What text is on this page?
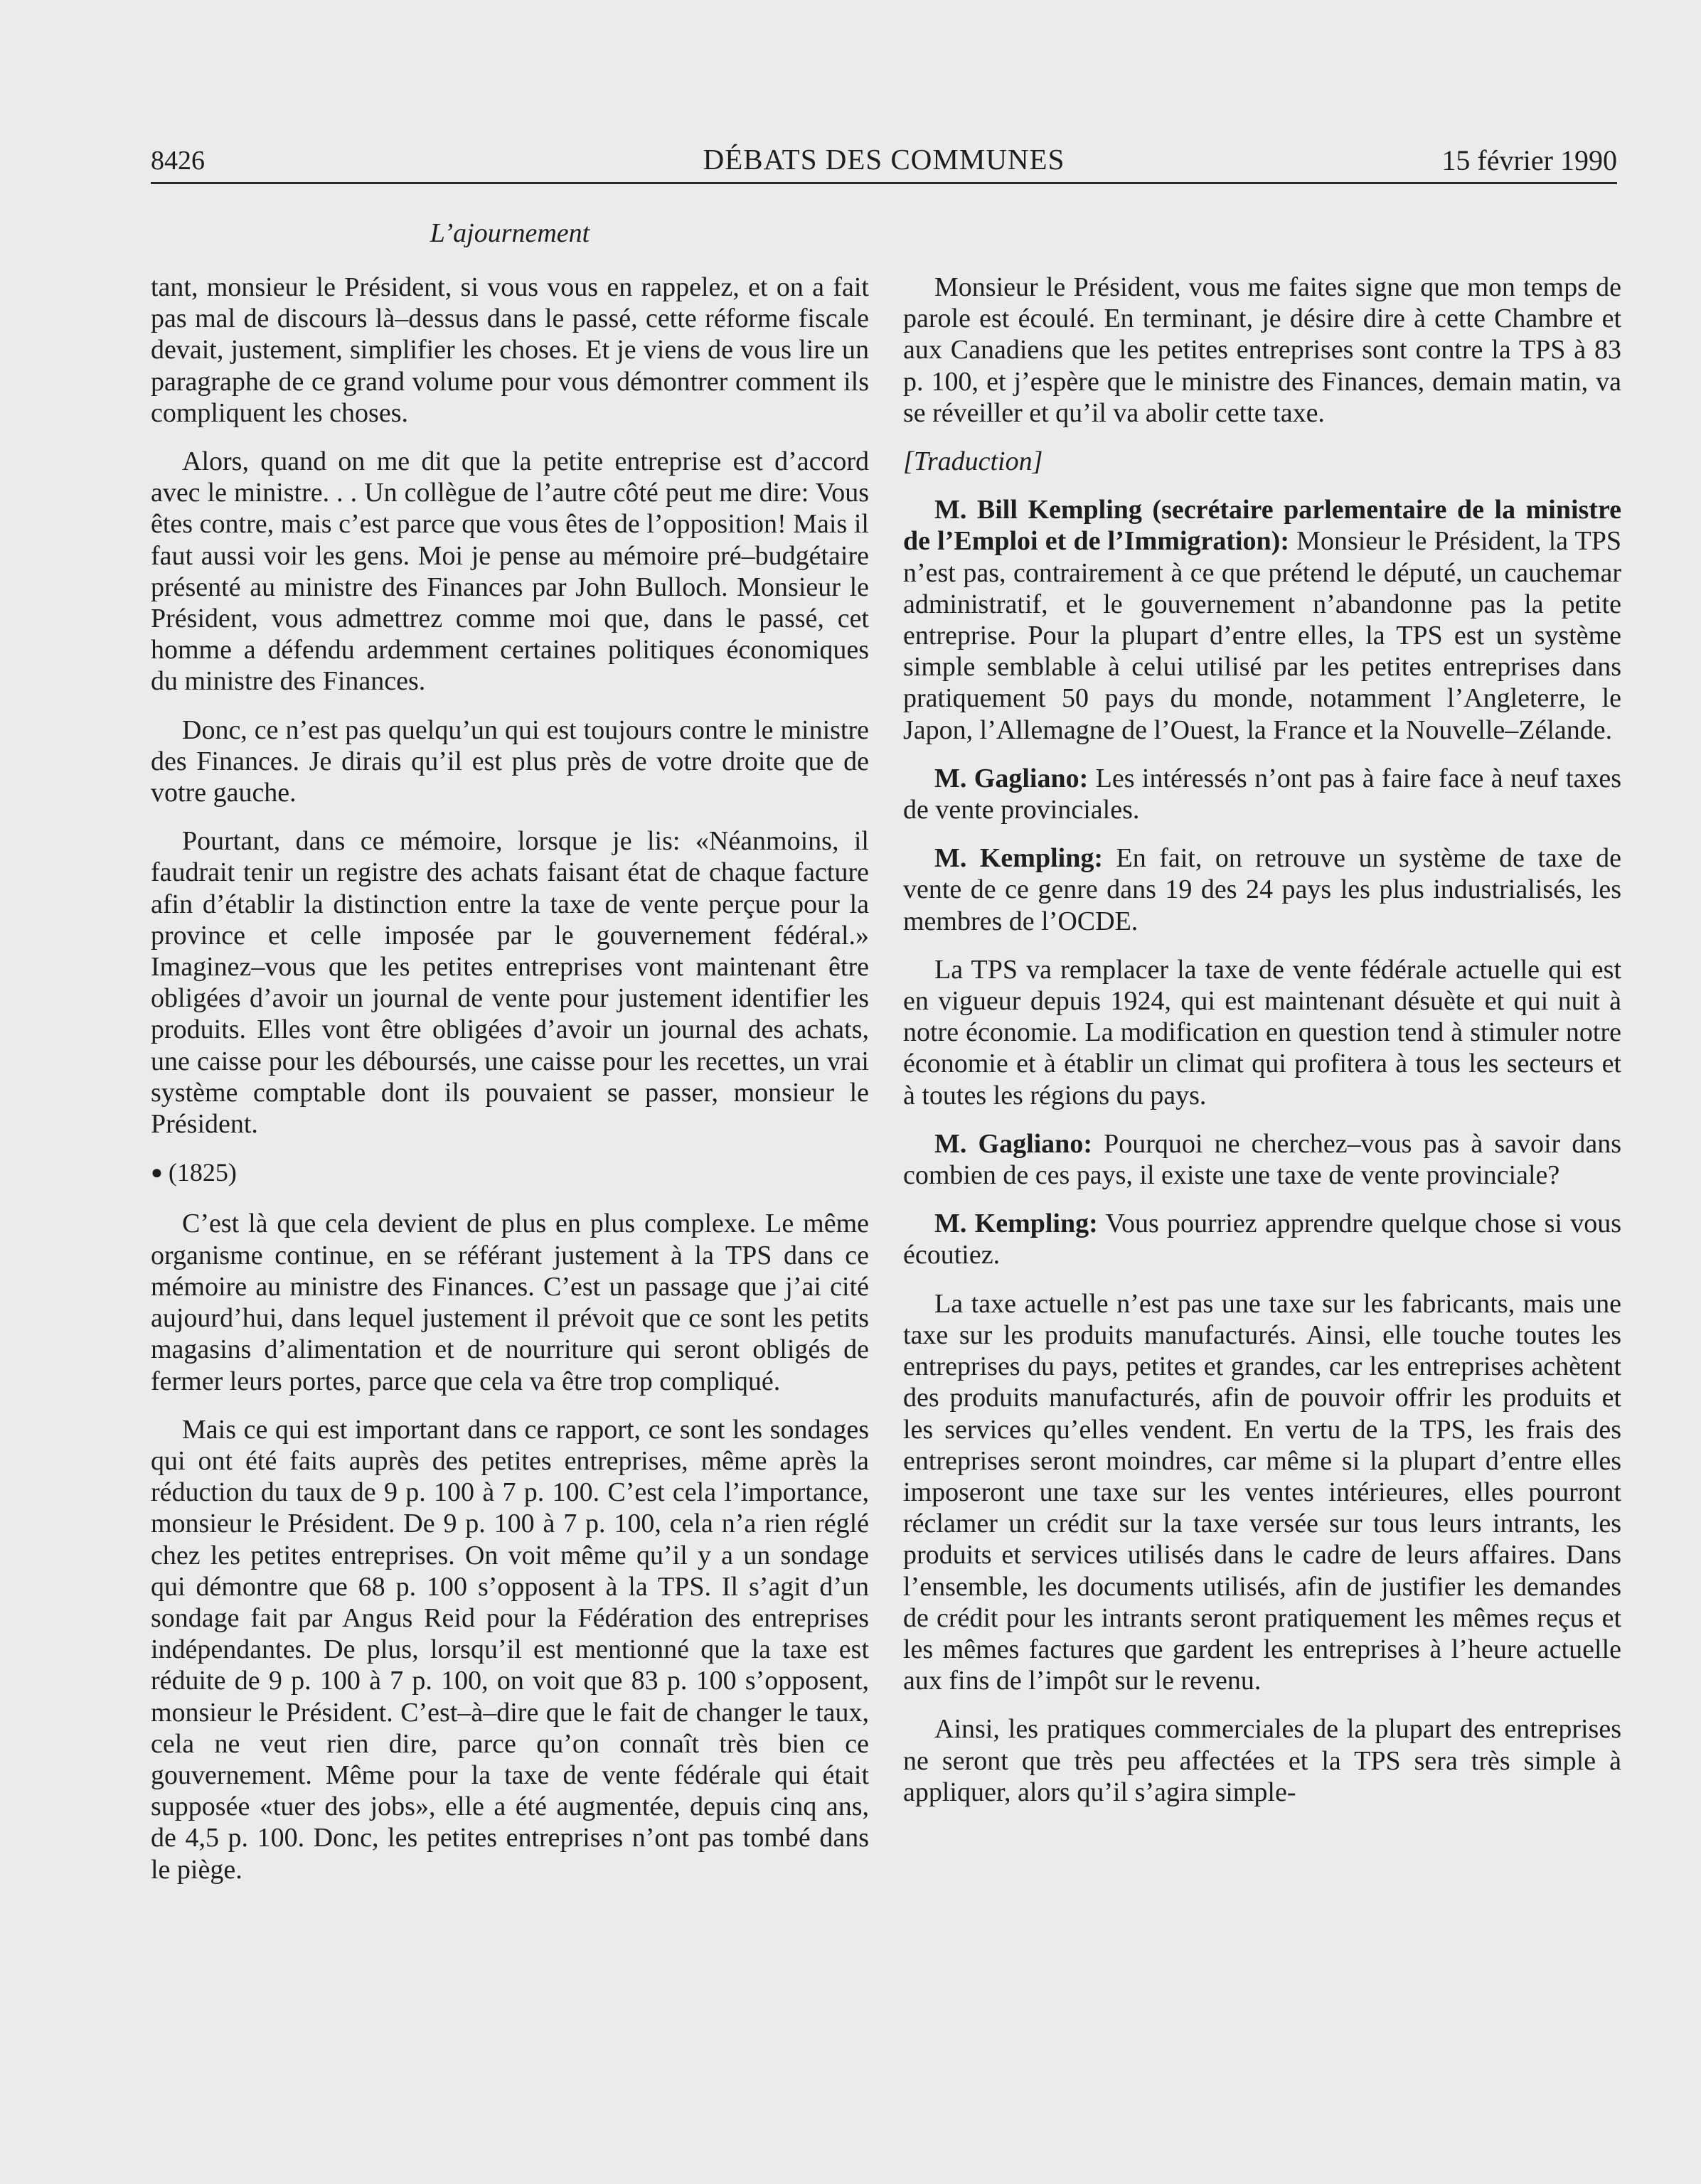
8426	DÉBATS DES COMMUNES	15 février 1990
L’ajournement

tant, monsieur le Président, si vous vous en rappelez, et on a fait pas mal de discours là–dessus dans le passé, cette réforme fiscale devait, justement, simplifier les choses. Et je viens de vous lire un paragraphe de ce grand volume pour vous démontrer comment ils compliquent les choses.

Alors, quand on me dit que la petite entreprise est d’accord avec le ministre. . . Un collègue de l’autre côté peut me dire: Vous êtes contre, mais c’est parce que vous êtes de l’opposition! Mais il faut aussi voir les gens. Moi je pense au mémoire pré–budgétaire présenté au ministre des Finances par John Bulloch. Monsieur le Président, vous admettrez comme moi que, dans le passé, cet homme a défendu ardemment certaines politiques économiques du ministre des Finances.

Donc, ce n’est pas quelqu’un qui est toujours contre le ministre des Finances. Je dirais qu’il est plus près de votre droite que de votre gauche.

Pourtant, dans ce mémoire, lorsque je lis: «Néanmoins, il faudrait tenir un registre des achats faisant état de chaque facture afin d’établir la distinction entre la taxe de vente perçue pour la province et celle imposée par le gouvernement fédéral.» Imaginez–vous que les petites entreprises vont maintenant être obligées d’avoir un journal de vente pour justement identifier les produits. Elles vont être obligées d’avoir un journal des achats, une caisse pour les déboursés, une caisse pour les recettes, un vrai système comptable dont ils pouvaient se passer, monsieur le Président.

● (1825)

C’est là que cela devient de plus en plus complexe. Le même organisme continue, en se référant justement à la TPS dans ce mémoire au ministre des Finances. C’est un passage que j’ai cité aujourd’hui, dans lequel justement il prévoit que ce sont les petits magasins d’alimentation et de nourriture qui seront obligés de fermer leurs portes, parce que cela va être trop compliqué.

Mais ce qui est important dans ce rapport, ce sont les sondages qui ont été faits auprès des petites entreprises, même après la réduction du taux de 9 p. 100 à 7 p. 100. C’est cela l’importance, monsieur le Président. De 9 p. 100 à 7 p. 100, cela n’a rien réglé chez les petites entreprises. On voit même qu’il y a un sondage qui démontre que 68 p. 100 s’opposent à la TPS. Il s’agit d’un sondage fait par Angus Reid pour la Fédération des entreprises indépendantes. De plus, lorsqu’il est mentionné que la taxe est réduite de 9 p. 100 à 7 p. 100, on voit que 83 p. 100 s’opposent, monsieur le Président. C’est–à–dire que le fait de changer le taux, cela ne veut rien dire, parce qu’on connaît très bien ce gouvernement. Même pour la taxe de vente fédérale qui était supposée «tuer des jobs», elle a été augmentée, depuis cinq ans, de 4,5 p. 100. Donc, les petites entreprises n’ont pas tombé dans le piège.

Monsieur le Président, vous me faites signe que mon temps de parole est écoulé. En terminant, je désire dire à cette Chambre et aux Canadiens que les petites entreprises sont contre la TPS à 83 p. 100, et j’espère que le ministre des Finances, demain matin, va se réveiller et qu’il va abolir cette taxe.

[Traduction]

M. Bill Kempling (secrétaire parlementaire de la ministre de l’Emploi et de l’Immigration): Monsieur le Président, la TPS n’est pas, contrairement à ce que prétend le député, un cauchemar administratif, et le gouvernement n’abandonne pas la petite entreprise. Pour la plupart d’entre elles, la TPS est un système simple semblable à celui utilisé par les petites entreprises dans pratiquement 50 pays du monde, notamment l’Angleterre, le Japon, l’Allemagne de l’Ouest, la France et la Nouvelle–Zélande.

M. Gagliano: Les intéressés n’ont pas à faire face à neuf taxes de vente provinciales.

M. Kempling: En fait, on retrouve un système de taxe de vente de ce genre dans 19 des 24 pays les plus industrialisés, les membres de l’OCDE.

La TPS va remplacer la taxe de vente fédérale actuelle qui est en vigueur depuis 1924, qui est maintenant désuète et qui nuit à notre économie. La modification en question tend à stimuler notre économie et à établir un climat qui profitera à tous les secteurs et à toutes les régions du pays.

M. Gagliano: Pourquoi ne cherchez–vous pas à savoir dans combien de ces pays, il existe une taxe de vente provinciale?

M. Kempling: Vous pourriez apprendre quelque chose si vous écoutiez.

La taxe actuelle n’est pas une taxe sur les fabricants, mais une taxe sur les produits manufacturés. Ainsi, elle touche toutes les entreprises du pays, petites et grandes, car les entreprises achètent des produits manufacturés, afin de pouvoir offrir les produits et les services qu’elles vendent. En vertu de la TPS, les frais des entreprises seront moindres, car même si la plupart d’entre elles imposeront une taxe sur les ventes intérieures, elles pourront réclamer un crédit sur la taxe versée sur tous leurs intrants, les produits et services utilisés dans le cadre de leurs affaires. Dans l’ensemble, les documents utilisés, afin de justifier les demandes de crédit pour les intrants seront pratiquement les mêmes reçus et les mêmes factures que gardent les entreprises à l’heure actuelle aux fins de l’impôt sur le revenu.

Ainsi, les pratiques commerciales de la plupart des entreprises ne seront que très peu affectées et la TPS sera très simple à appliquer, alors qu’il s’agira simple-
